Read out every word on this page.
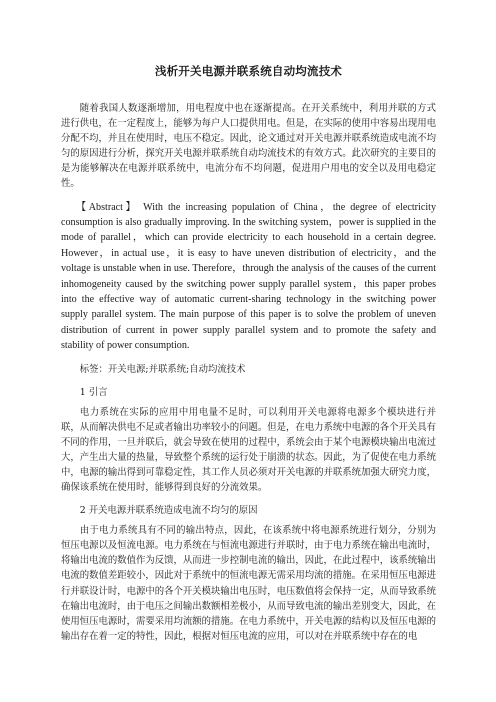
浅析开关电源并联系统自动均流技术

随着我国人数逐渐增加，用电程度中也在逐渐提高。在开关系统中，利用并联的方式进行供电，在一定程度上，能够为每户人口提供用电。但是，在实际的使用中容易出现用电分配不均，并且在使用时，电压不稳定。因此，论文通过对开关电源并联系统造成电流不均匀的原因进行分析，探究开关电源并联系统自动均流技术的有效方式。此次研究的主要目的是为能够解决在电源并联系统中，电流分布不均问题，促进用户用电的安全以及用电稳定性。

【Abstract】 With the increasing population of China，the degree of electricity consumption is also gradually improving. In the switching system，power is supplied in the mode of parallel，which can provide electricity to each household in a certain degree. However，in actual use，it is easy to have uneven distribution of electricity，and the voltage is unstable when in use. Therefore，through the analysis of the causes of the current inhomogeneity caused by the switching power supply parallel system，this paper probes into the effective way of automatic current-sharing technology in the switching power supply parallel system. The main purpose of this paper is to solve the problem of uneven distribution of current in power supply parallel system and to promote the safety and stability of power consumption.

标签：开关电源;并联系统;自动均流技术

1 引言

电力系统在实际的应用中用电量不足时，可以利用开关电源将电源多个模块进行并联，从而解决供电不足或者输出功率较小的问题。但是，在电力系统中电源的各个开关具有不同的作用，一旦并联后，就会导致在使用的过程中，系统会由于某个电源模块输出电流过大，产生出大量的热量，导致整个系统的运行处于崩溃的状态。因此，为了促使在电力系统中，电源的输出得到可靠稳定性，其工作人员必须对开关电源的并联系统加强大研究力度，确保该系统在使用时，能够得到良好的分流效果。

2 开关电源并联系统造成电流不均匀的原因

由于电力系统具有不同的输出特点，因此，在该系统中将电源系统进行划分，分别为恒压电源以及恒流电源。电力系统在与恒流电源进行并联时，由于电力系统在输出电流时，将输出电流的数值作为反馈，从而进一步控制电流的输出，因此，在此过程中，该系统输出电流的数值差距较小，因此对于系统中的恒流电源无需采用均流的措施。在采用恒压电源进行并联设计时，电源中的各个开关模块输出电压时，电压数值将会保持一定，从而导致系统在输出电流时，由于电压之间输出数额相差极小，从而导致电流的输出差别变大，因此，在使用恒压电源时，需要采用均流额的措施。在电力系统中，开关电源的结构以及恒压电源的输出存在着一定的特性，因此，根据对恒压电流的应用，可以对在并联系统中存在的电
